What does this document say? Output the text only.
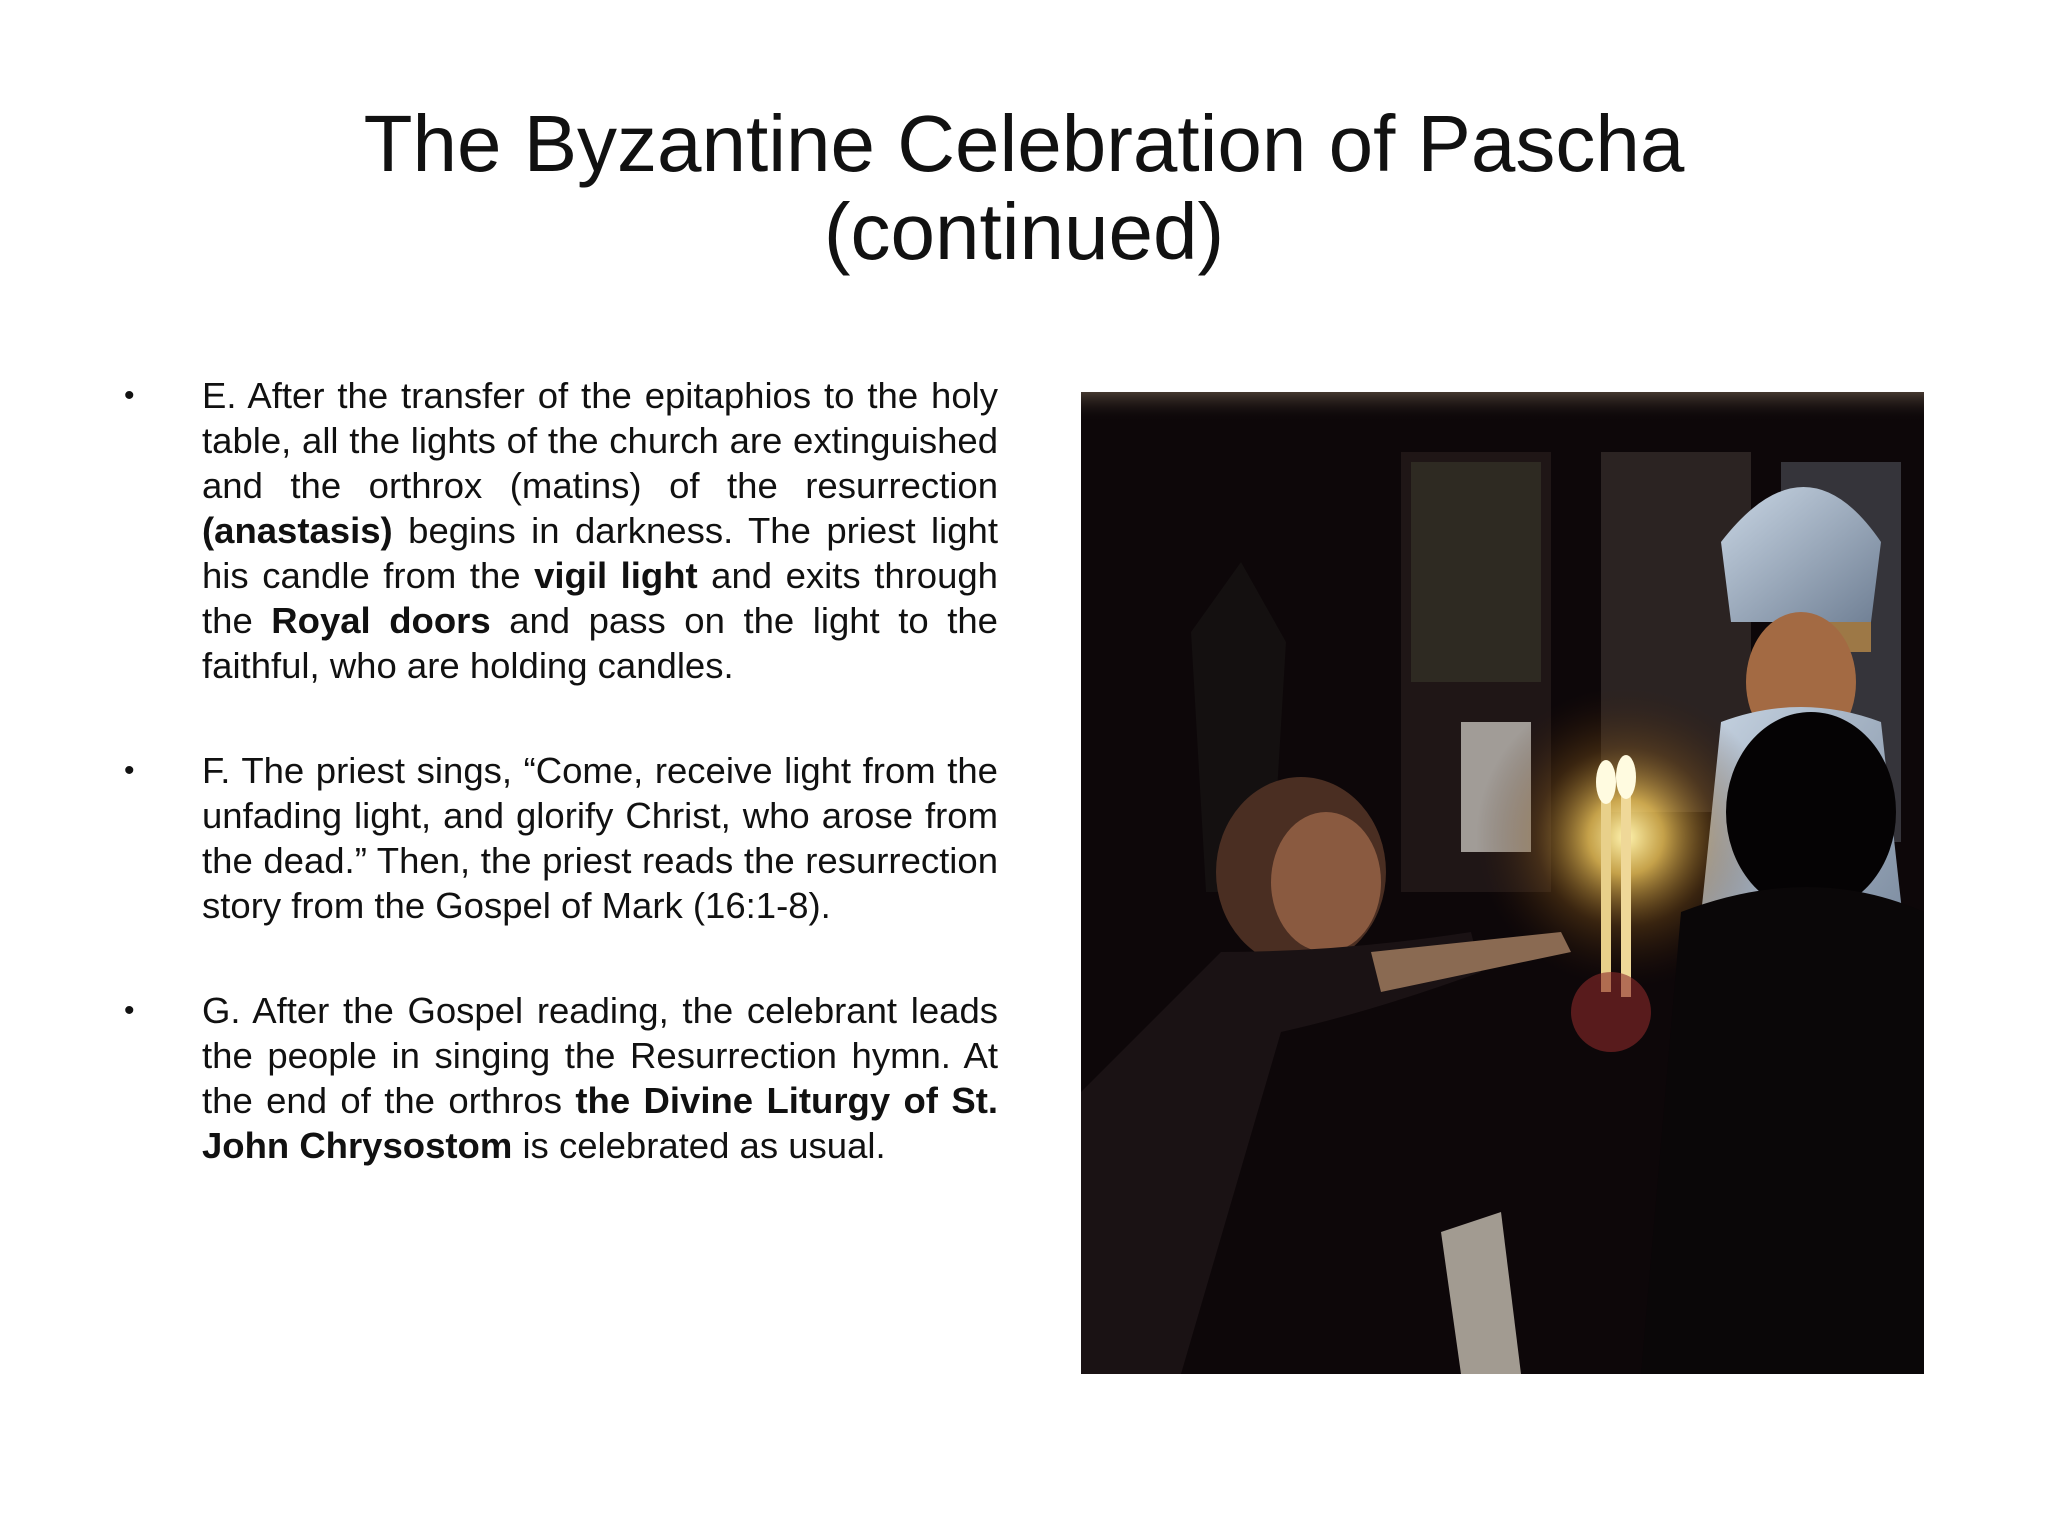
The Byzantine Celebration of Pascha
(continued)
• E. After the transfer of the epitaphios to the holy table, all the lights of the church are extinguished and the orthrox (matins) of the resurrection (anastasis) begins in darkness. The priest light his candle from the vigil light and exits through the Royal doors and pass on the light to the faithful, who are holding candles.
• F. The priest sings, “Come, receive light from the unfading light, and glorify Christ, who arose from the dead.” Then, the priest reads the resurrection story from the Gospel of Mark (16:1-8).
• G. After the Gospel reading, the celebrant leads the people in singing the Resurrection hymn. At the end of the orthros the Divine Liturgy of St. John Chrysostom is celebrated as usual.
